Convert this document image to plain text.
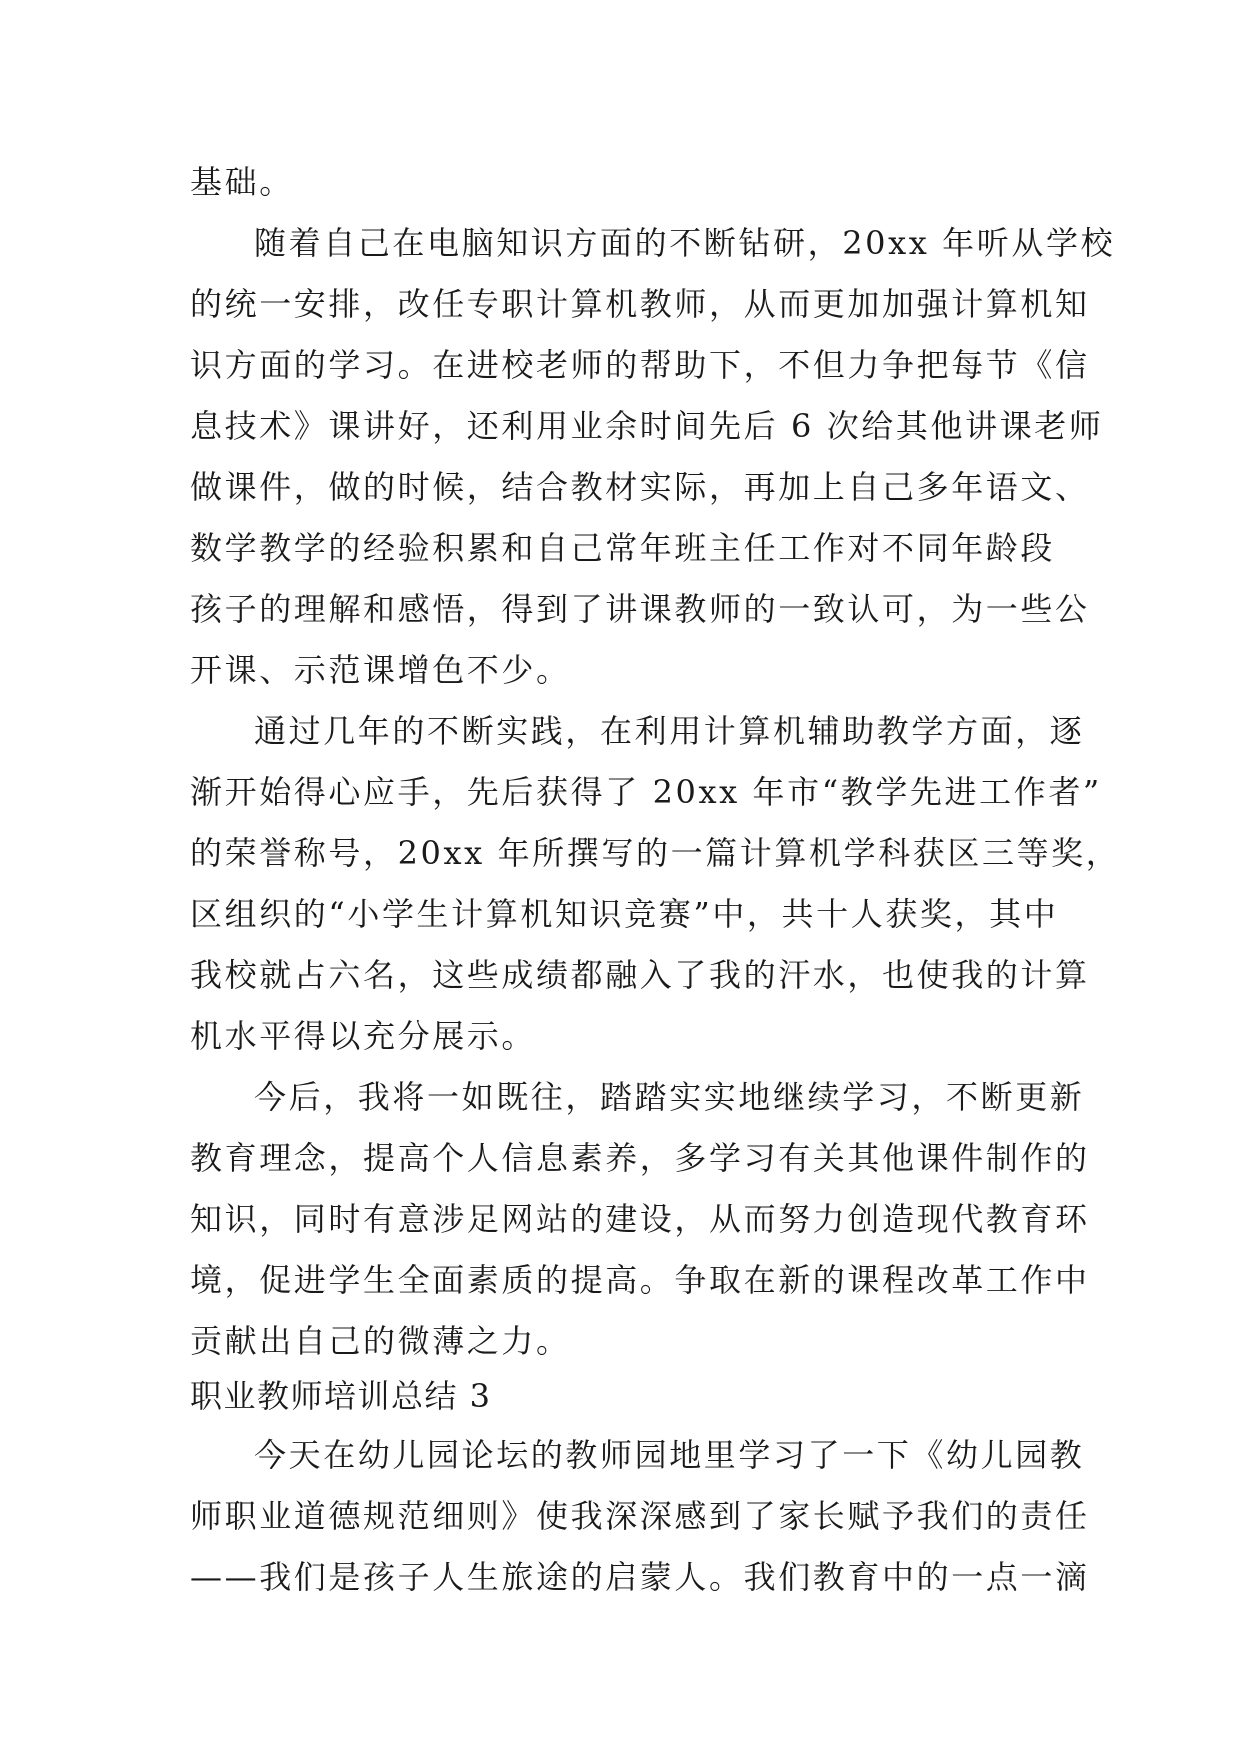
基础。
随着自己在电脑知识方面的不断钻研，20xx 年听从学校
的统一安排，改任专职计算机教师，从而更加加强计算机知
识方面的学习。在进校老师的帮助下，不但力争把每节《信
息技术》课讲好，还利用业余时间先后 6 次给其他讲课老师
做课件，做的时候，结合教材实际，再加上自己多年语文、
数学教学的经验积累和自己常年班主任工作对不同年龄段
孩子的理解和感悟，得到了讲课教师的一致认可，为一些公
开课、示范课增色不少。
通过几年的不断实践，在利用计算机辅助教学方面，逐
渐开始得心应手，先后获得了 20xx 年市“教学先进工作者”
的荣誉称号，20xx 年所撰写的一篇计算机学科获区三等奖，
区组织的“小学生计算机知识竞赛”中，共十人获奖，其中
我校就占六名，这些成绩都融入了我的汗水，也使我的计算
机水平得以充分展示。
今后，我将一如既往，踏踏实实地继续学习，不断更新
教育理念，提高个人信息素养，多学习有关其他课件制作的
知识，同时有意涉足网站的建设，从而努力创造现代教育环
境，促进学生全面素质的提高。争取在新的课程改革工作中
贡献出自己的微薄之力。
职业教师培训总结 3
今天在幼儿园论坛的教师园地里学习了一下《幼儿园教
师职业道德规范细则》使我深深感到了家长赋予我们的责任
——我们是孩子人生旅途的启蒙人。我们教育中的一点一滴
